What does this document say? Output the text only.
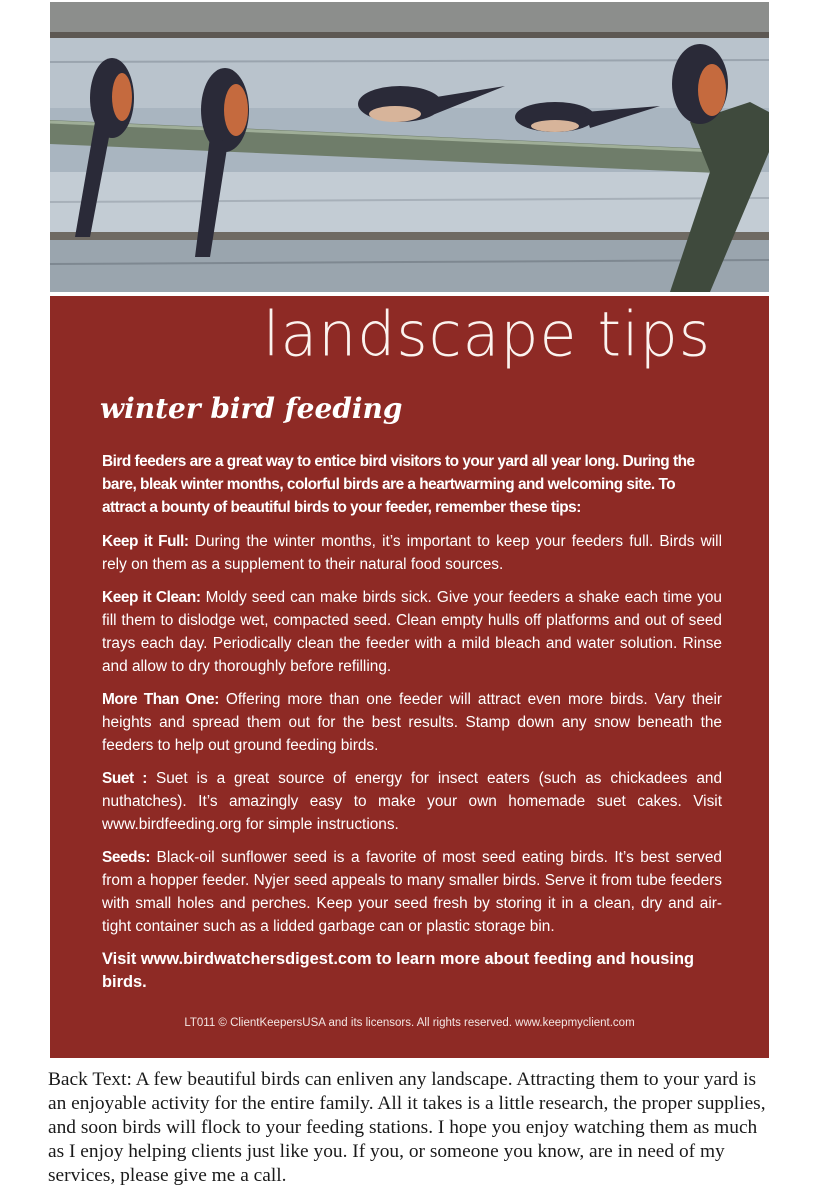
landscape tips
winter bird feeding

Bird feeders are a great way to entice bird visitors to your yard all year long. During the bare, bleak winter months, colorful birds are a heartwarming and welcoming site. To attract a bounty of beautiful birds to your feeder, remember these tips:

Keep it Full: During the winter months, it’s important to keep your feeders full. Birds will rely on them as a supplement to their natural food sources.

Keep it Clean: Moldy seed can make birds sick. Give your feeders a shake each time you fill them to dislodge wet, compacted seed. Clean empty hulls off platforms and out of seed trays each day. Periodically clean the feeder with a mild bleach and water solution. Rinse and allow to dry thoroughly before refilling.

More Than One: Offering more than one feeder will attract even more birds. Vary their heights and spread them out for the best results. Stamp down any snow beneath the feeders to help out ground feeding birds.

Suet : Suet is a great source of energy for insect eaters (such as chickadees and nuthatches). It’s amazingly easy to make your own homemade suet cakes. Visit www.birdfeeding.org for simple instructions.

Seeds: Black-oil sunflower seed is a favorite of most seed eating birds. It’s best served from a hopper feeder. Nyjer seed appeals to many smaller birds. Serve it from tube feeders with small holes and perches. Keep your seed fresh by storing it in a clean, dry and air-tight container such as a lidded garbage can or plastic storage bin.

Visit www.birdwatchersdigest.com to learn more about feeding and housing birds.

LT011 © ClientKeepersUSA and its licensors. All rights reserved. www.keepmyclient.com

Back Text: A few beautiful birds can enliven any landscape. Attracting them to your yard is an enjoyable activity for the entire family. All it takes is a little research, the proper supplies, and soon birds will flock to your feeding stations. I hope you enjoy watching them as much as I enjoy helping clients just like you. If you, or someone you know, are in need of my services, please give me a call.
